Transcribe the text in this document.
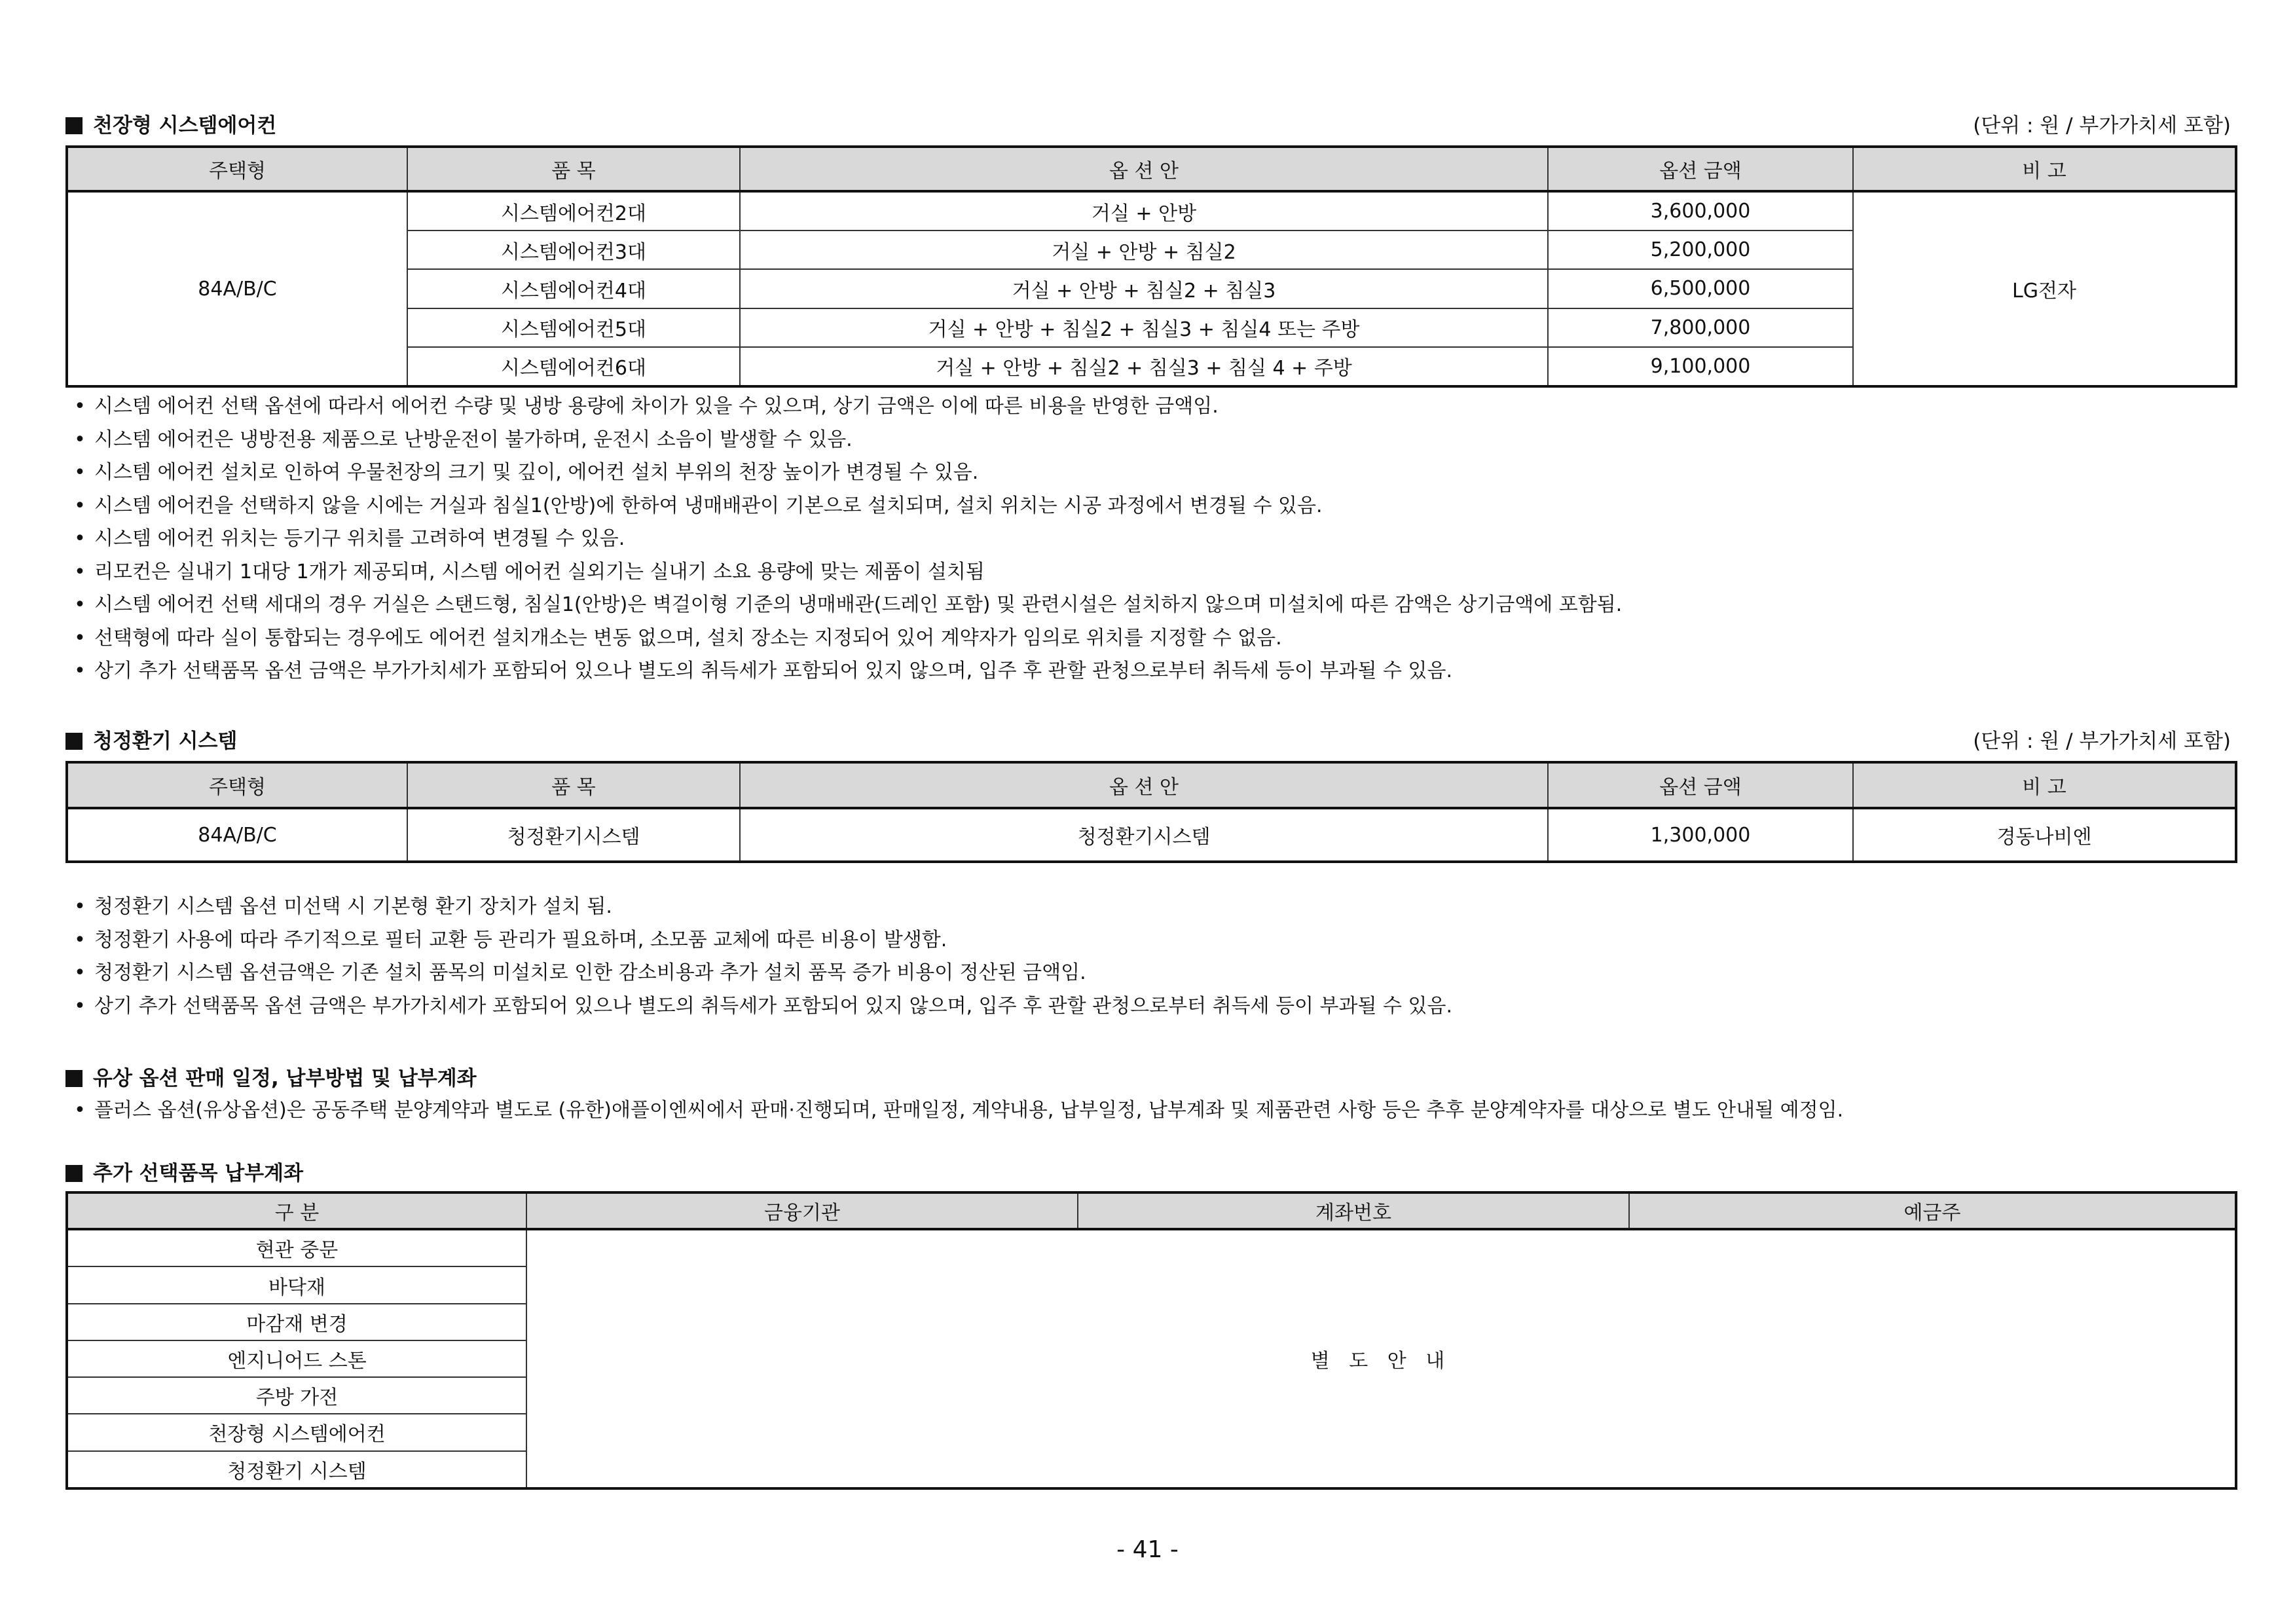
천장형 시스템에어컨	(단위 : 원 / 부가가치세 포함)
주택형	품 목	옵 션 안	옵션 금액	비 고
84A/B/C	시스템에어컨2대	거실 + 안방	3,600,000	LG전자
	시스템에어컨3대	거실 + 안방 + 침실2	5,200,000	
	시스템에어컨4대	거실 + 안방 + 침실2 + 침실3	6,500,000	
	시스템에어컨5대	거실 + 안방 + 침실2 + 침실3 + 침실4 또는 주방	7,800,000	
	시스템에어컨6대	거실 + 안방 + 침실2 + 침실3 + 침실 4 + 주방	9,100,000	
• 시스템 에어컨 선택 옵션에 따라서 에어컨 수량 및 냉방 용량에 차이가 있을 수 있으며, 상기 금액은 이에 따른 비용을 반영한 금액임.
• 시스템 에어컨은 냉방전용 제품으로 난방운전이 불가하며, 운전시 소음이 발생할 수 있음.
• 시스템 에어컨 설치로 인하여 우물천장의 크기 및 깊이, 에어컨 설치 부위의 천장 높이가 변경될 수 있음.
• 시스템 에어컨을 선택하지 않을 시에는 거실과 침실1(안방)에 한하여 냉매배관이 기본으로 설치되며, 설치 위치는 시공 과정에서 변경될 수 있음.
• 시스템 에어컨 위치는 등기구 위치를 고려하여 변경될 수 있음.
• 리모컨은 실내기 1대당 1개가 제공되며, 시스템 에어컨 실외기는 실내기 소요 용량에 맞는 제품이 설치됨
• 시스템 에어컨 선택 세대의 경우 거실은 스탠드형, 침실1(안방)은 벽걸이형 기준의 냉매배관(드레인 포함) 및 관련시설은 설치하지 않으며 미설치에 따른 감액은 상기금액에 포함됨.
• 선택형에 따라 실이 통합되는 경우에도 에어컨 설치개소는 변동 없으며, 설치 장소는 지정되어 있어 계약자가 임의로 위치를 지정할 수 없음.
• 상기 추가 선택품목 옵션 금액은 부가가치세가 포함되어 있으나 별도의 취득세가 포함되어 있지 않으며, 입주 후 관할 관청으로부터 취득세 등이 부과될 수 있음.
청정환기 시스템	(단위 : 원 / 부가가치세 포함)
주택형	품 목	옵 션 안	옵션 금액	비 고
84A/B/C	청정환기시스템	청정환기시스템	1,300,000	경동나비엔
• 청정환기 시스템 옵션 미선택 시 기본형 환기 장치가 설치 됨.
• 청정환기 사용에 따라 주기적으로 필터 교환 등 관리가 필요하며, 소모품 교체에 따른 비용이 발생함.
• 청정환기 시스템 옵션금액은 기존 설치 품목의 미설치로 인한 감소비용과 추가 설치 품목 증가 비용이 정산된 금액임.
• 상기 추가 선택품목 옵션 금액은 부가가치세가 포함되어 있으나 별도의 취득세가 포함되어 있지 않으며, 입주 후 관할 관청으로부터 취득세 등이 부과될 수 있음.
유상 옵션 판매 일정, 납부방법 및 납부계좌
• 플러스 옵션(유상옵션)은 공동주택 분양계약과 별도로 (유한)애플이엔씨에서 판매·진행되며, 판매일정, 계약내용, 납부일정, 납부계좌 및 제품관련 사항 등은 추후 분양계약자를 대상으로 별도 안내될 예정임.
추가 선택품목 납부계좌
구 분	금융기관	계좌번호	예금주
현관 중문	별 도 안 내		
바닥재			
마감재 변경			
엔지니어드 스톤			
주방 가전			
천장형 시스템에어컨			
청정환기 시스템			
- 41 -
